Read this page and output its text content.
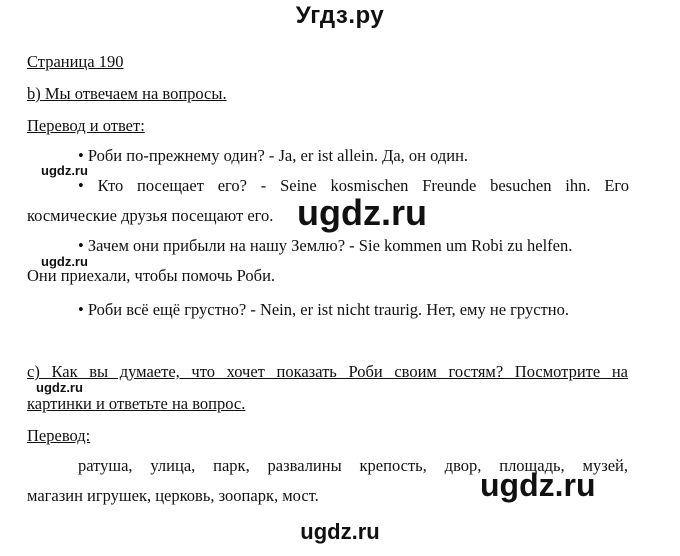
Угдз.ру
Страница 190
b) Мы отвечаем на вопросы.
Перевод и ответ:
• Роби по-прежнему один? - Ja, er ist allein. Да, он один.
ugdz.ru
• Кто посещает его? - Seine kosmischen Freunde besuchen ihn. Его
космические друзья посещают его. ugdz.ru
• Зачем они прибыли на нашу Землю? - Sie kommen um Robi zu helfen.
ugdz.ru
Они приехали, чтобы помочь Роби.
• Роби всё ещё грустно? - Nein, er ist nicht traurig. Нет, ему не грустно.
с) Как вы думаете, что хочет показать Роби своим гостям? Посмотрите на
ugdz.ru
картинки и ответьте на вопрос.
Перевод:
ратуша, улица, парк, развалины крепость, двор, площадь, музей,
магазин игрушек, церковь, зоопарк, мост.	ugdz.ru
ugdz.ru
